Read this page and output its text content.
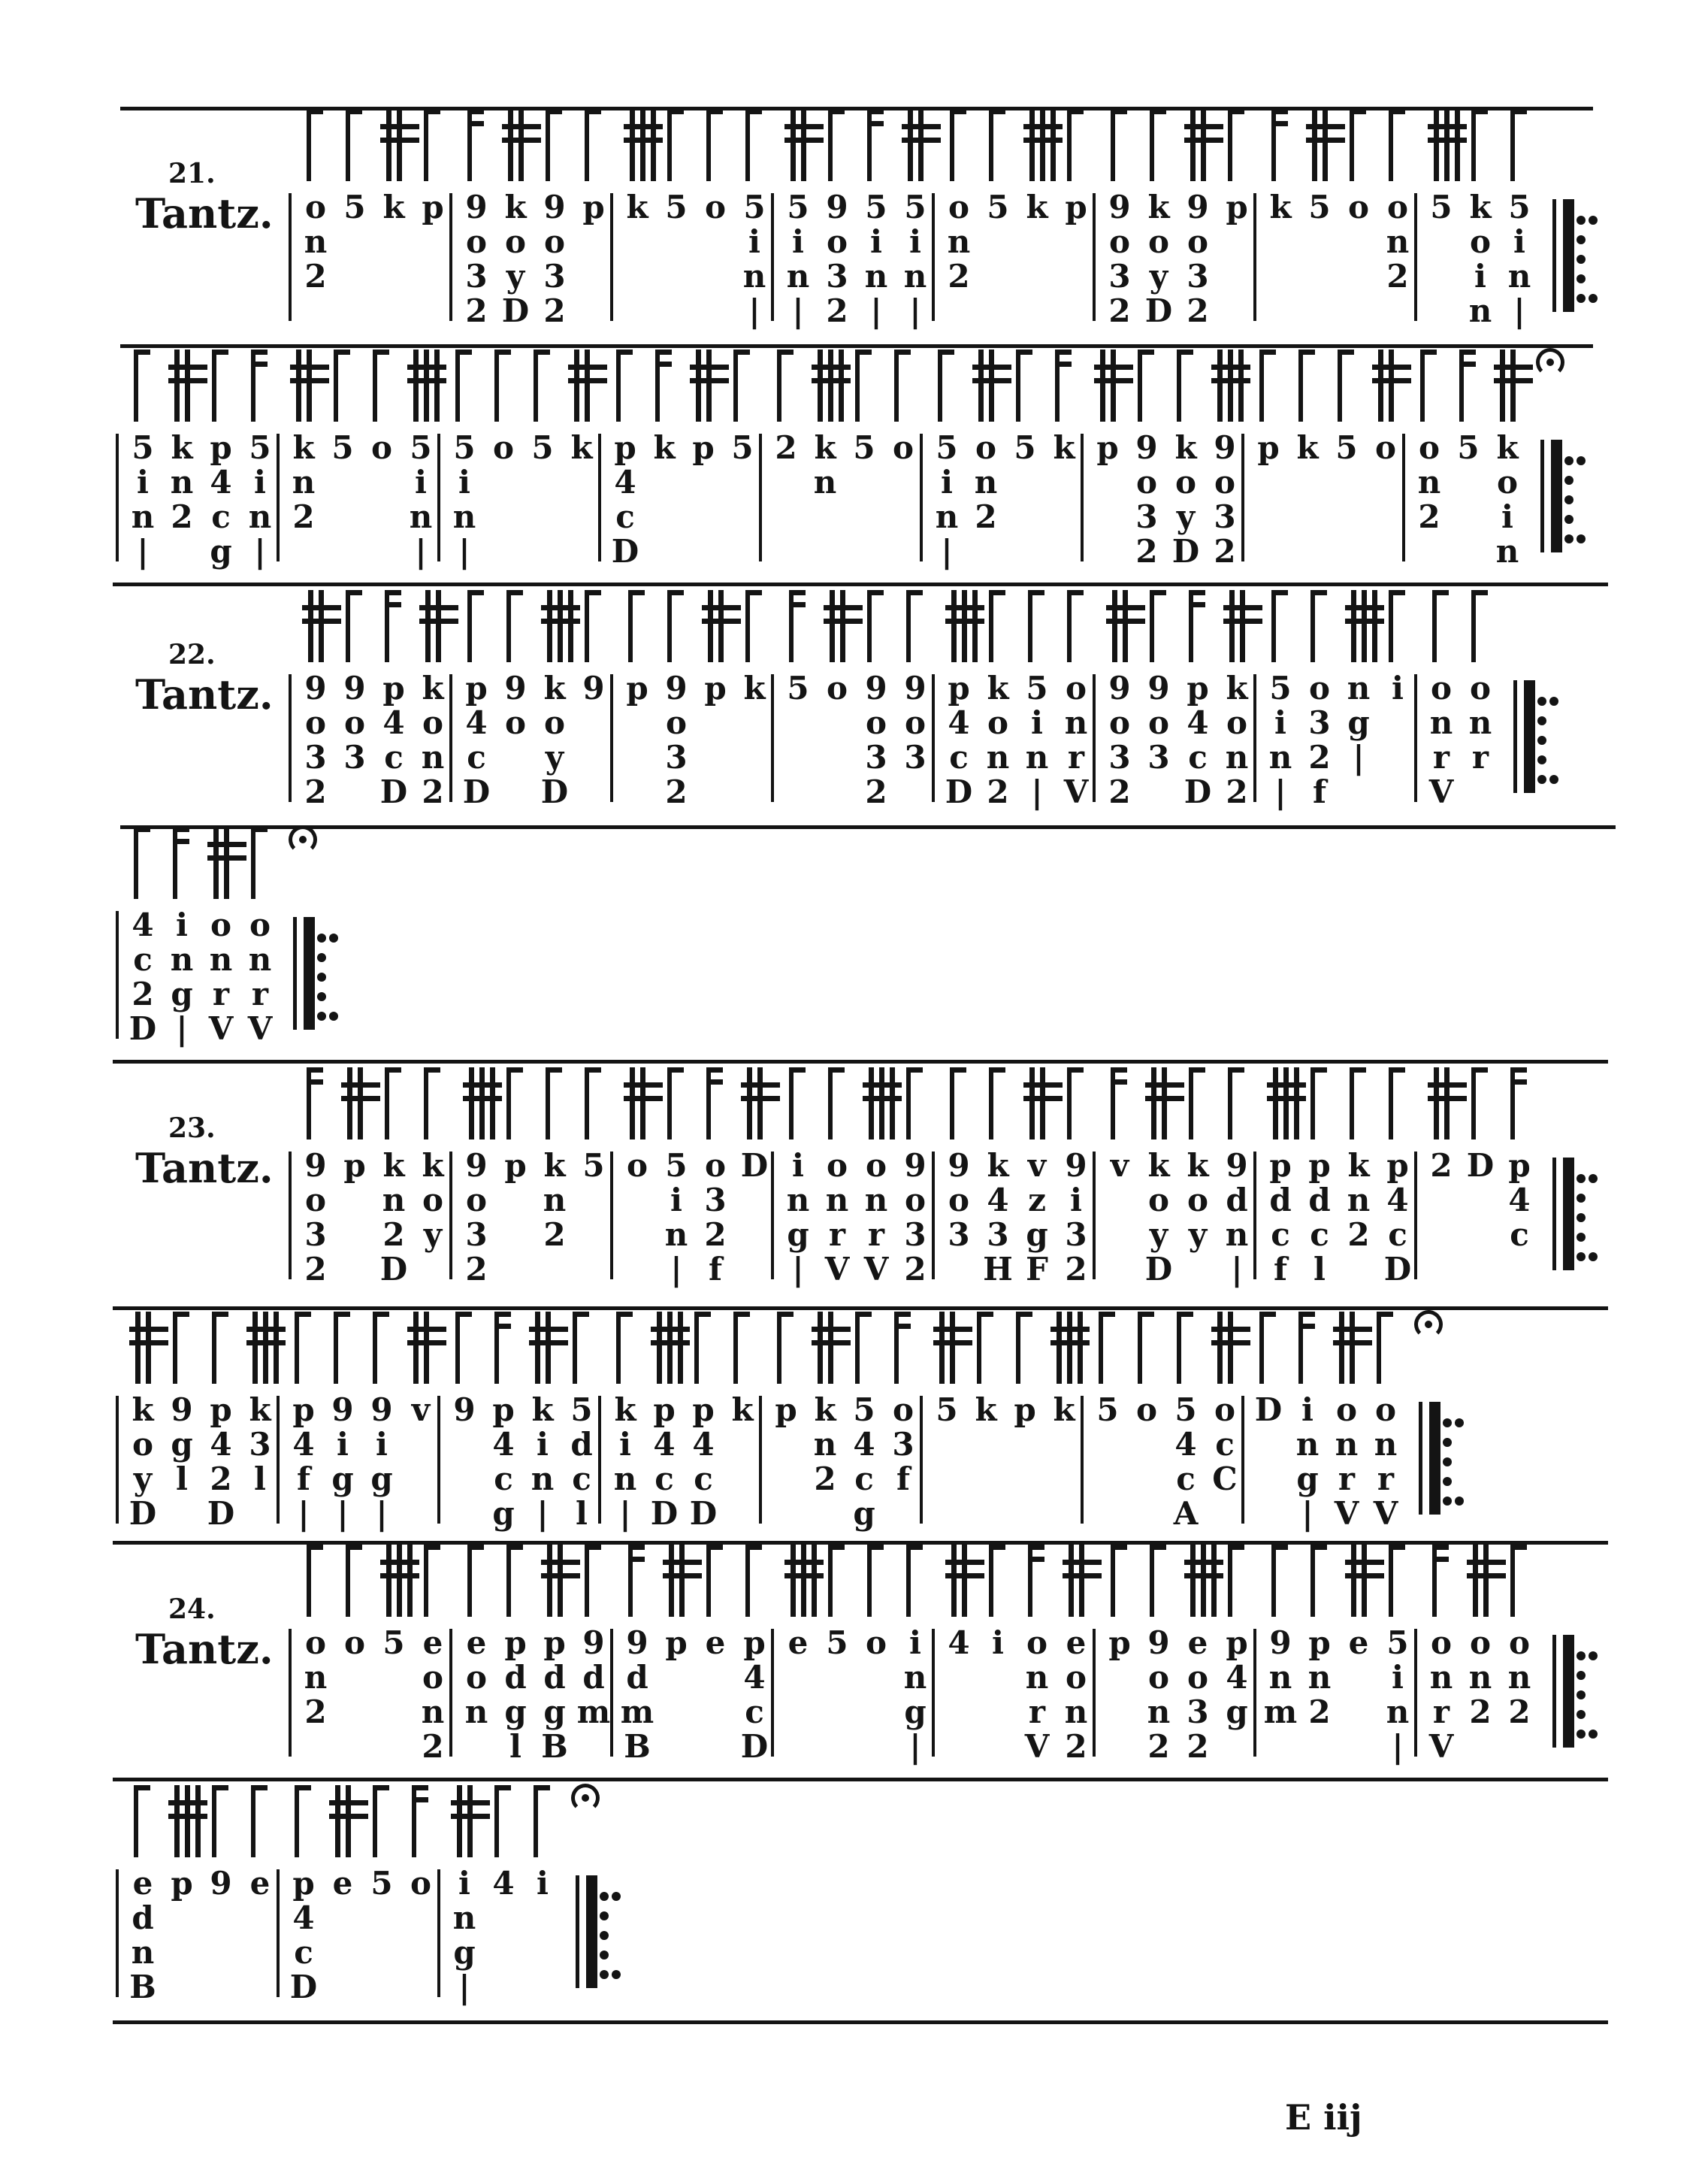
21.
Tantz. o
n
2
5 k p 9
o
3
2
k
o
y
D
9
o
3
2
p k 5 o 5
i
n
|
5
i
n
|
9
o
3
2
5
i
n
|
5
i
n
|
o
n
2
5 k p 9
o
3
2
k
o
y
D
9
o
3
2
p k 5 o o
n
2
5 k
o
i
n
5
i
n
|
5
i
n
|
k
n
2

p
4
c
g
5
i
n
|
k
n
2
5 o 5
i
n
|
5
i
n
|
o 5 k p
4
c
D
k p 5 2 k
n
5 o 5
i
n
|
o
n
2
5 k p 9
o
3
2
k
o
y
D
9
o
3
2
p k 5 o o
n
2
5 k
o
i
n
22.
Tantz. 9
o
3
2
9
o
3

p
4
c
D
k
o
n
2
p
4
c
D
9
o

k
o
y
D
9 p 9
o
3
2
p k 5 o 9
o
3
2
9
o
3

p
4
c
D
k
o
n
2
5
i
n
|
o
n
r
V
9
o
3
2
9
o
3

p
4
c
D
k
o
n
2
5
i
n
|
o
3
2
f
n
g
|
i o
n
r
V
o
n
r

4
c
2
D
i
n
g
|
o
n
r
V
o
n
r
V
23.
Tantz. 9
o
3
2
p k
n
2
D
k
o
y

9
o
3
2
p k
n
2
5 o 5
i
n
|
o
3
2
f
D i
n
g
|
o
n
r
V
o
n
r
V
9
o
3
2
9
o
3

k
4
3
H
v
z
g
F
9
i
3
2
v k
o
y
D
k
o
y

9
d
n
|
p
d
c
f
p
d
c
l
k
n
2

p
4
c
D
2 D p
4
c

k
o
y
D
9
g
l

p
4
2
D
k
3
l

p
4
f
|
9
i
g
|
9
i
g
|
v 9 p
4
c
g
k
i
n
|
5
d
c
l
k
i
n
|
p
4
c
D
p
4
c
D
k p k
n
2

5
4
c
g
o
3
f

5 k p k 5 o 5
4
c
A
o
c
C

D i
n
g
|
o
n
r
V
o
n
r
V
24.
Tantz. o
n
2
o 5 e
o
n
2
e
o
n

p
d
g
l
p
d
g
B
9
d
m

9
d
m
B
p e p
4
c
D
e 5 o i
n
g
|
4 i o
n
r
V
e
o
n
2
p 9
o
n
2
e
o
3
2
p
4
g

9
n
m

p
n
2

e 5
i
n
|
o
n
r
V
o
n
2

o
n
2

e
d
n
B
p 9 e p
4
c
D
e 5 o i
n
g
|
4 i

E iij
